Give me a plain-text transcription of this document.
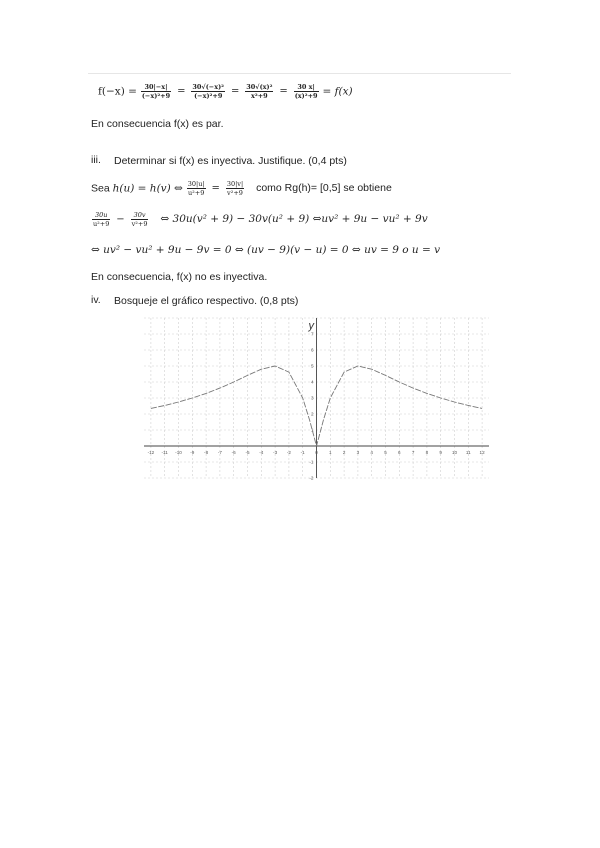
$f(-x) = \frac{30|-x|}{\text{(−x)²+9}} = \frac{\text{30√(−x)²}}{\text{(−x)²+9}} = \frac{\text{30√(x)²}}{\text{x²+9}} = \frac{30 x|}{\text{(x)²+9}} = f(x)$
En consecuencia f(x) es par.
iii. Determinar si f(x) es inyectiva. Justifique. (0,4 pts)
Sea h(u) = h(v) ⇔ $\frac{30|u|}{\text{u²+9}} = \frac{30|v|}{\text{v²+9}}$ como Rg(h)= [0,5] se obtiene
$\frac{30u}{\text{u²+9}} - \frac{30v}{\text{v²+9}}$ ⇔ 30u(v² + 9) − 30v(u² + 9) ⇔uv² + 9u − vu² + 9v
⇔ uv² − vu² + 9u − 9v = 0 ⇔ (uv − 9)(v − u) = 0 ⇔ uv = 9 o u = v
En consecuencia, f(x) no es inyectiva.
iv. Bosqueje el gráfico respectivo. (0,8 pts)
y
-12 -11 -10 -9 -8 -7 -6 -5 -4 -3 -2 -1 0 1 2 3 4 5 6 7 8 9 10 11 12
-2
-1
1
2
3
4
5
6
7
